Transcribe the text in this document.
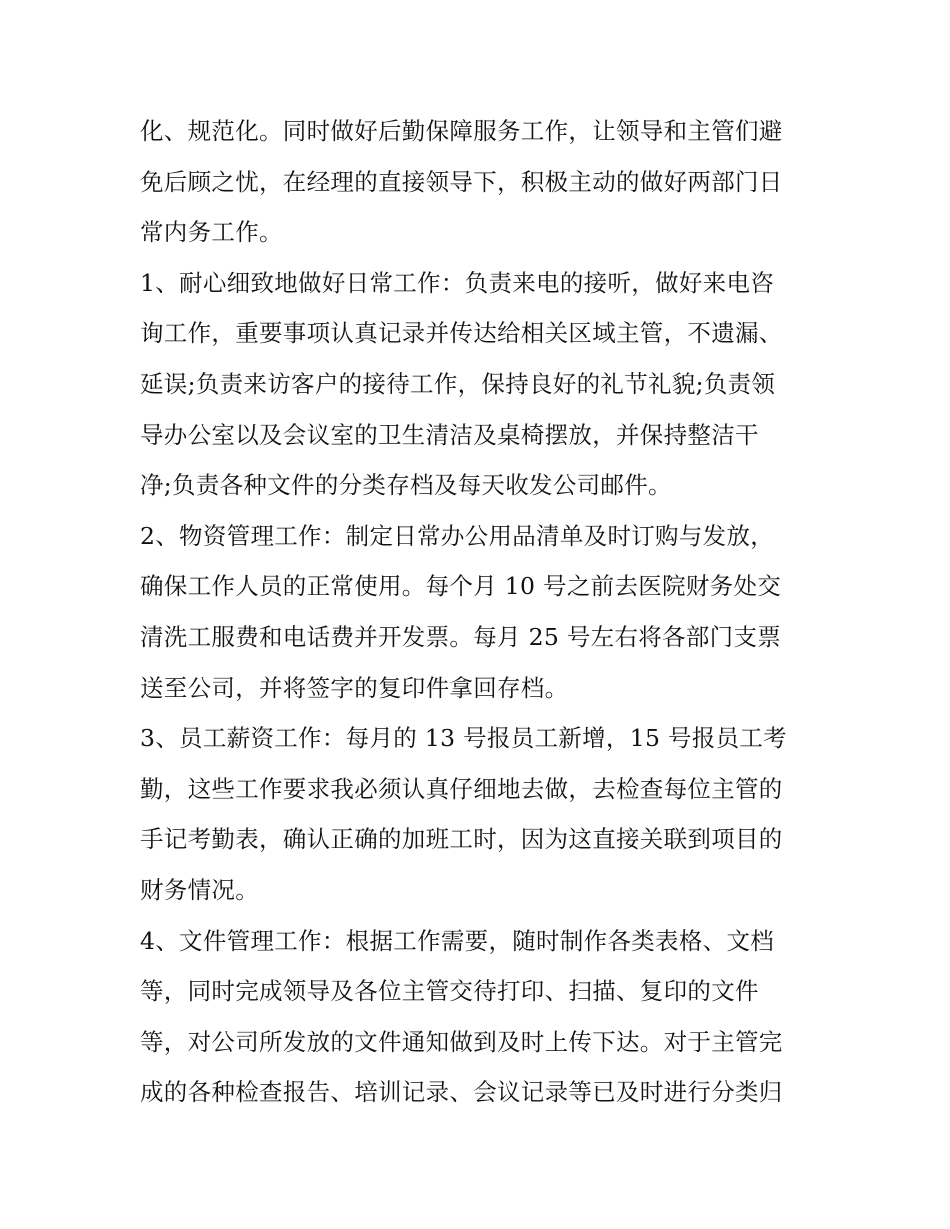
化、规范化。同时做好后勤保障服务工作，让领导和主管们避
免后顾之忧，在经理的直接领导下，积极主动的做好两部门日
常内务工作。
1、耐心细致地做好日常工作：负责来电的接听，做好来电咨
询工作，重要事项认真记录并传达给相关区域主管，不遗漏、
延误;负责来访客户的接待工作，保持良好的礼节礼貌;负责领
导办公室以及会议室的卫生清洁及桌椅摆放，并保持整洁干
净;负责各种文件的分类存档及每天收发公司邮件。
2、物资管理工作：制定日常办公用品清单及时订购与发放，
确保工作人员的正常使用。每个月 10 号之前去医院财务处交
清洗工服费和电话费并开发票。每月 25 号左右将各部门支票
送至公司，并将签字的复印件拿回存档。
3、员工薪资工作：每月的 13 号报员工新增，15 号报员工考
勤，这些工作要求我必须认真仔细地去做，去检查每位主管的
手记考勤表，确认正确的加班工时，因为这直接关联到项目的
财务情况。
4、文件管理工作：根据工作需要，随时制作各类表格、文档
等，同时完成领导及各位主管交待打印、扫描、复印的文件
等，对公司所发放的文件通知做到及时上传下达。对于主管完
成的各种检查报告、培训记录、会议记录等已及时进行分类归
